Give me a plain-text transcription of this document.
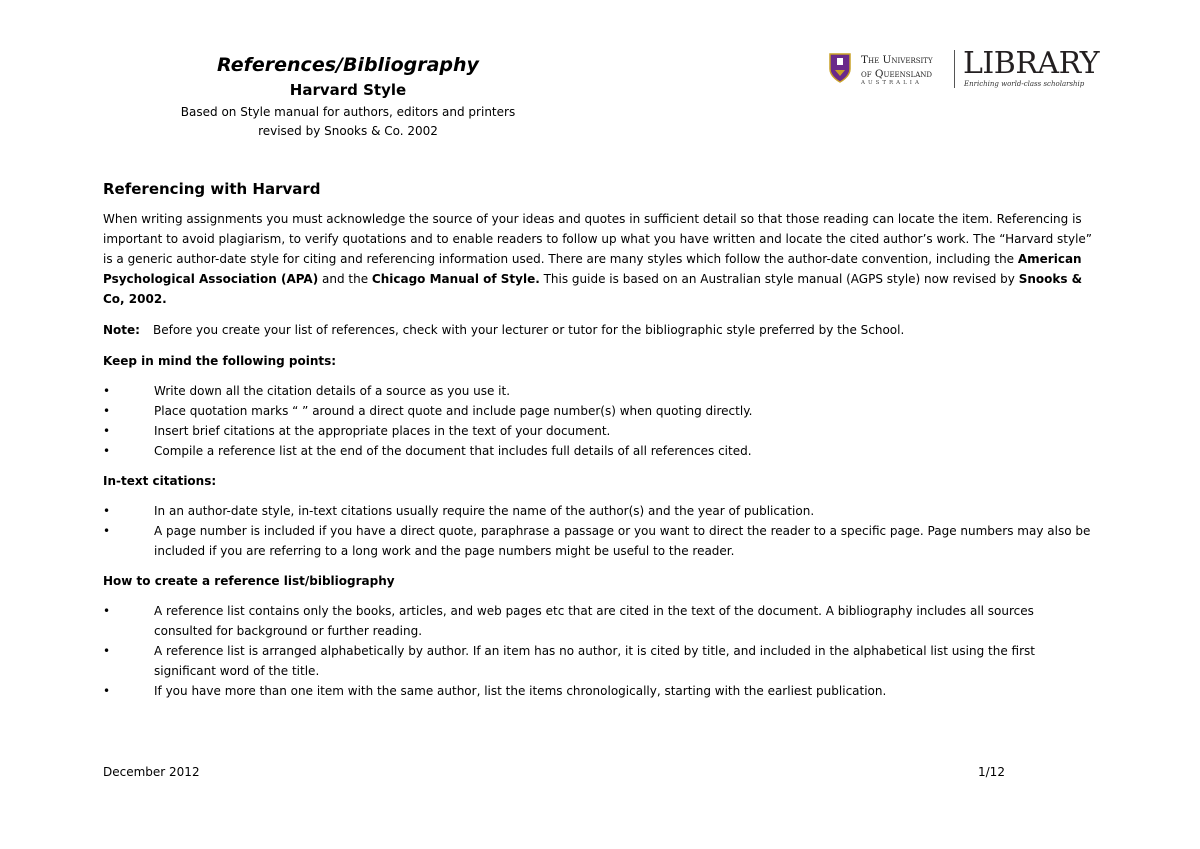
References/Bibliography
Harvard Style
Based on Style manual for authors, editors and printers
revised by Snooks & Co. 2002
The University
of Queensland
AUSTRALIA
LIBRARY
Enriching world-class scholarship
Referencing with Harvard

When writing assignments you must acknowledge the source of your ideas and quotes in sufficient detail so that those reading can locate the item. Referencing is important to avoid plagiarism, to verify quotations and to enable readers to follow up what you have written and locate the cited author’s work. The “Harvard style” is a generic author-date style for citing and referencing information used. There are many styles which follow the author-date convention, including the American Psychological Association (APA) and the Chicago Manual of Style. This guide is based on an Australian style manual (AGPS style) now revised by Snooks & Co, 2002.

Note: Before you create your list of references, check with your lecturer or tutor for the bibliographic style preferred by the School.

Keep in mind the following points:
•	Write down all the citation details of a source as you use it.
•	Place quotation marks “ ” around a direct quote and include page number(s) when quoting directly.
•	Insert brief citations at the appropriate places in the text of your document.
•	Compile a reference list at the end of the document that includes full details of all references cited.
In-text citations:
•	In an author-date style, in-text citations usually require the name of the author(s) and the year of publication.
•	A page number is included if you have a direct quote, paraphrase a passage or you want to direct the reader to a specific page. Page numbers may also be included if you are referring to a long work and the page numbers might be useful to the reader.
How to create a reference list/bibliography
•	A reference list contains only the books, articles, and web pages etc that are cited in the text of the document. A bibliography includes all sources consulted for background or further reading.
•	A reference list is arranged alphabetically by author. If an item has no author, it is cited by title, and included in the alphabetical list using the first significant word of the title.
•	If you have more than one item with the same author, list the items chronologically, starting with the earliest publication.
December 2012	1/12
